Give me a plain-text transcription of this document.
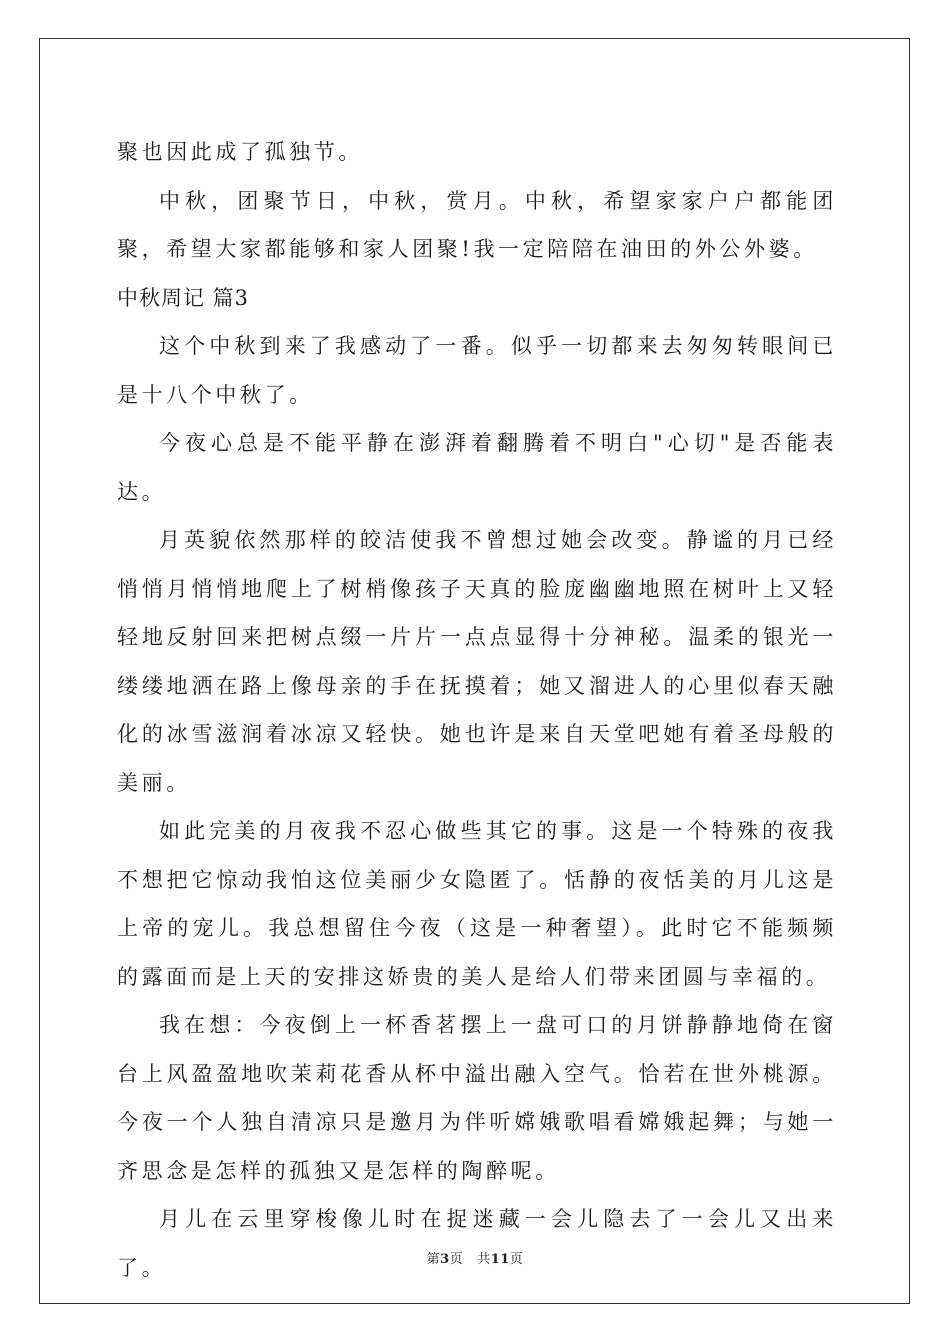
聚也因此成了孤独节。

中秋，团聚节日，中秋，赏月。中秋，希望家家户户都能团聚，希望大家都能够和家人团聚!我一定陪陪在油田的外公外婆。

中秋周记 篇3

这个中秋到来了我感动了一番。似乎一切都来去匆匆转眼间已是十八个中秋了。

今夜心总是不能平静在澎湃着翻腾着不明白"心切"是否能表达。

月英貌依然那样的皎洁使我不曾想过她会改变。静谧的月已经悄悄月悄悄地爬上了树梢像孩子天真的脸庞幽幽地照在树叶上又轻轻地反射回来把树点缀一片片一点点显得十分神秘。温柔的银光一缕缕地洒在路上像母亲的手在抚摸着；她又溜进人的心里似春天融化的冰雪滋润着冰凉又轻快。她也许是来自天堂吧她有着圣母般的美丽。

如此完美的月夜我不忍心做些其它的事。这是一个特殊的夜我不想把它惊动我怕这位美丽少女隐匿了。恬静的夜恬美的月儿这是上帝的宠儿。我总想留住今夜（这是一种奢望）。此时它不能频频的露面而是上天的安排这娇贵的美人是给人们带来团圆与幸福的。

我在想：今夜倒上一杯香茗摆上一盘可口的月饼静静地倚在窗台上风盈盈地吹茉莉花香从杯中溢出融入空气。恰若在世外桃源。今夜一个人独自清凉只是邀月为伴听嫦娥歌唱看嫦娥起舞；与她一齐思念是怎样的孤独又是怎样的陶醉呢。

月儿在云里穿梭像儿时在捉迷藏一会儿隐去了一会儿又出来了。	第3页 共11页
